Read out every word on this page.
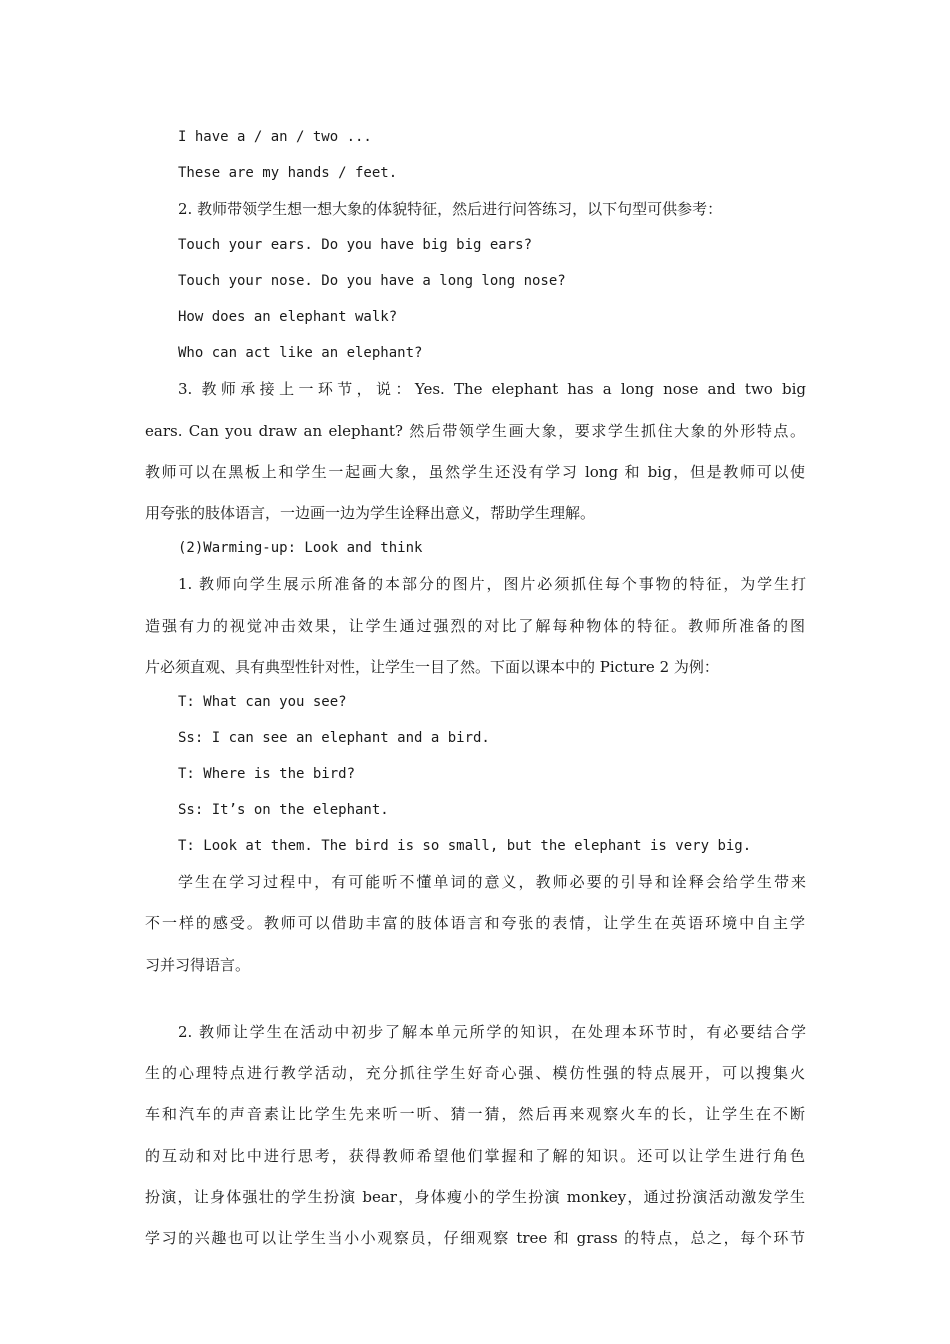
I have a / an / two ...
These are my hands / feet.
2. 教师带领学生想一想大象的体貌特征，然后进行问答练习，以下句型可供参考：
Touch your ears. Do you have big big ears?
Touch your nose. Do you have a long long nose?
How does an elephant walk?
Who can act like an elephant?
3. 教师承接上一环节，说：Yes. The elephant has a long nose and two big
ears. Can you draw an elephant? 然后带领学生画大象，要求学生抓住大象的外形特点。
教师可以在黑板上和学生一起画大象，虽然学生还没有学习 long 和 big，但是教师可以使
用夸张的肢体语言，一边画一边为学生诠释出意义，帮助学生理解。
(2)Warming-up: Look and think
1. 教师向学生展示所准备的本部分的图片，图片必须抓住每个事物的特征，为学生打
造强有力的视觉冲击效果，让学生通过强烈的对比了解每种物体的特征。教师所准备的图
片必须直观、具有典型性针对性，让学生一目了然。下面以课本中的 Picture 2 为例：
T: What can you see?
Ss: I can see an elephant and a bird.
T: Where is the bird?
Ss: It’s on the elephant.
T: Look at them. The bird is so small, but the elephant is very big.
学生在学习过程中，有可能听不懂单词的意义，教师必要的引导和诠释会给学生带来
不一样的感受。教师可以借助丰富的肢体语言和夸张的表情，让学生在英语环境中自主学
习并习得语言。
2. 教师让学生在活动中初步了解本单元所学的知识，在处理本环节时，有必要结合学
生的心理特点进行教学活动，充分抓往学生好奇心强、模仿性强的特点展开，可以搜集火
车和汽车的声音素让比学生先来听一听、猜一猜，然后再来观察火车的长，让学生在不断
的互动和对比中进行思考，获得教师希望他们掌握和了解的知识。还可以让学生进行角色
扮演，让身体强壮的学生扮演 bear，身体瘦小的学生扮演 monkey，通过扮演活动激发学生
学习的兴趣也可以让学生当小小观察员，仔细观察 tree 和 grass 的特点，总之，每个环节
